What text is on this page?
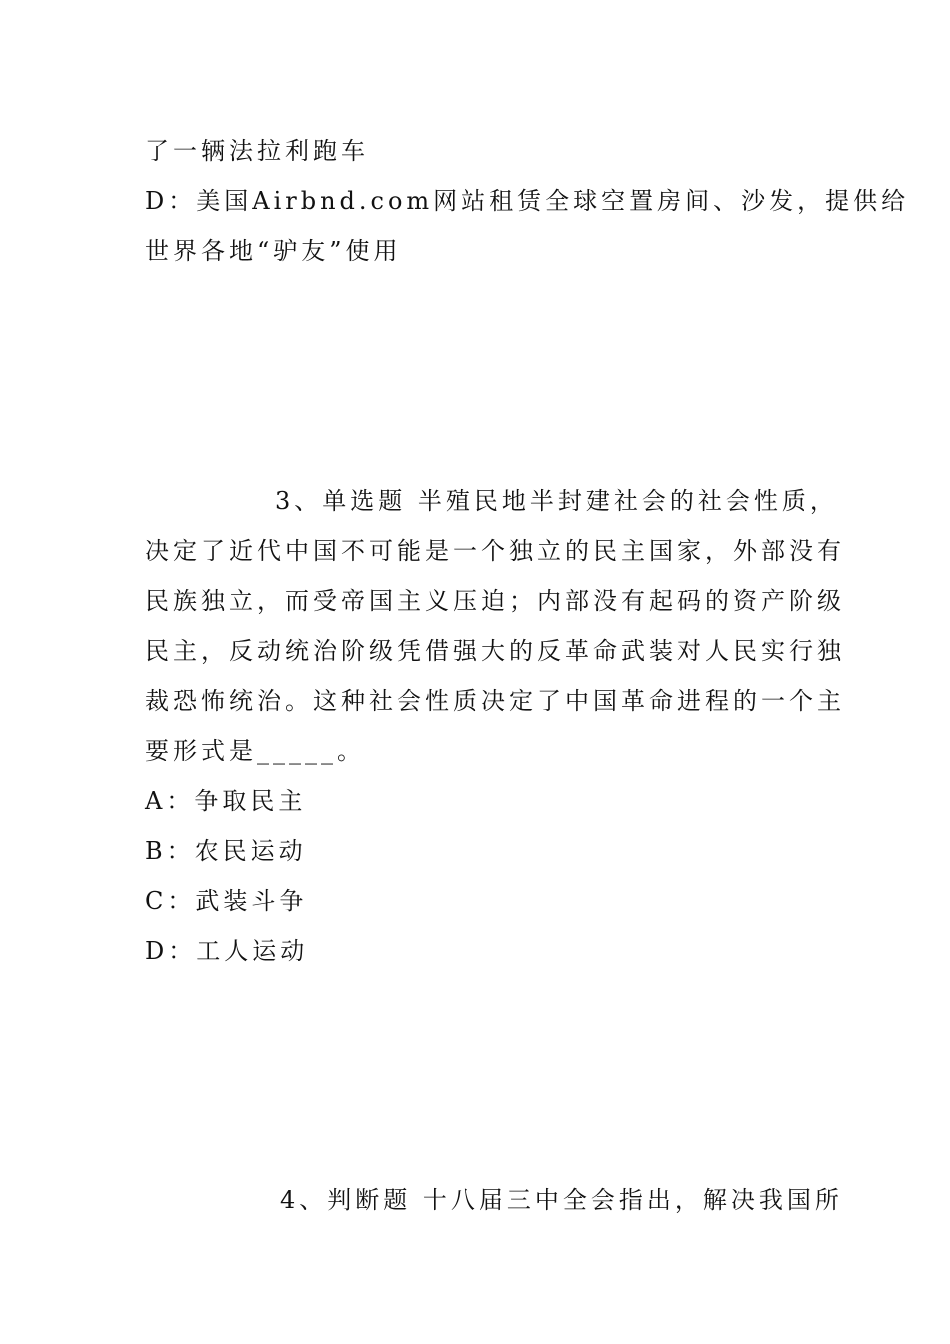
了一辆法拉利跑车
D：美国Airbnd.com网站租赁全球空置房间、沙发，提供给
世界各地“驴友”使用
3、单选题 半殖民地半封建社会的社会性质，
决定了近代中国不可能是一个独立的民主国家，外部没有
民族独立，而受帝国主义压迫；内部没有起码的资产阶级
民主，反动统治阶级凭借强大的反革命武装对人民实行独
裁恐怖统治。这种社会性质决定了中国革命进程的一个主
要形式是_____。
A：争取民主
B：农民运动
C：武装斗争
D：工人运动
4、判断题 十八届三中全会指出，解决我国所
